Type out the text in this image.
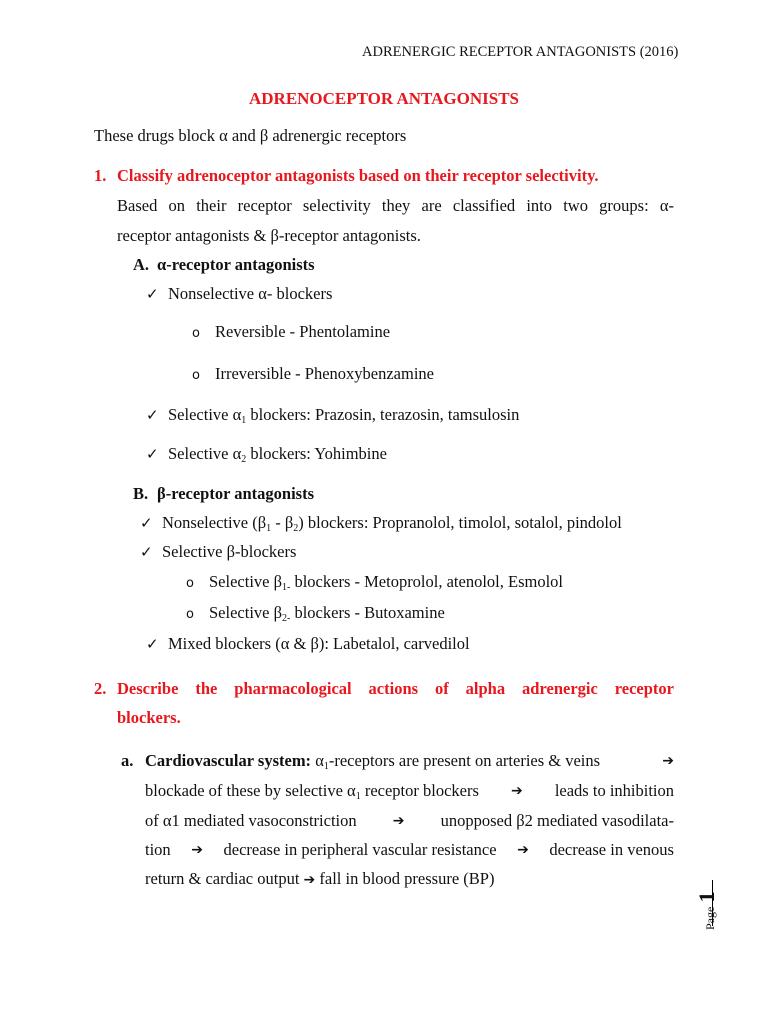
ADRENERGIC RECEPTOR ANTAGONISTS (2016)
ADRENOCEPTOR ANTAGONISTS
These drugs block α and β adrenergic receptors
1. Classify adrenoceptor antagonists based on their receptor selectivity.
Based on their receptor selectivity they are classified into two groups: α-
receptor antagonists & β-receptor antagonists.
A. α-receptor antagonists
✓ Nonselective α- blockers
o Reversible - Phentolamine
o Irreversible - Phenoxybenzamine
✓ Selective $\alpha_1$ blockers: Prazosin, terazosin, tamsulosin
✓ Selective $\alpha_2$ blockers: Yohimbine
B. β-receptor antagonists
✓ Nonselective $(\beta_1 - \beta_2)$ blockers: Propranolol, timolol, sotalol, pindolol
✓ Selective β-blockers
o Selective $\beta_{1-}$ blockers - Metoprolol, atenolol, Esmolol
o Selective $\beta_{2-}$ blockers - Butoxamine
✓ Mixed blockers (α & β): Labetalol, carvedilol
2. Describe the pharmacological actions of alpha adrenergic receptor
blockers.
a. Cardiovascular system: $\alpha_1$-receptors are present on arteries & veins	➔
blockade of these by selective $\alpha_1$ receptor blockers ➔ leads to inhibition
of α1 mediated vasoconstriction	➔ unopposed β2 mediated vasodilata-
tion ➔ decrease in peripheral vascular resistance ➔ decrease in venous
return & cardiac output ➔ fall in blood pressure (BP)
Page 1
